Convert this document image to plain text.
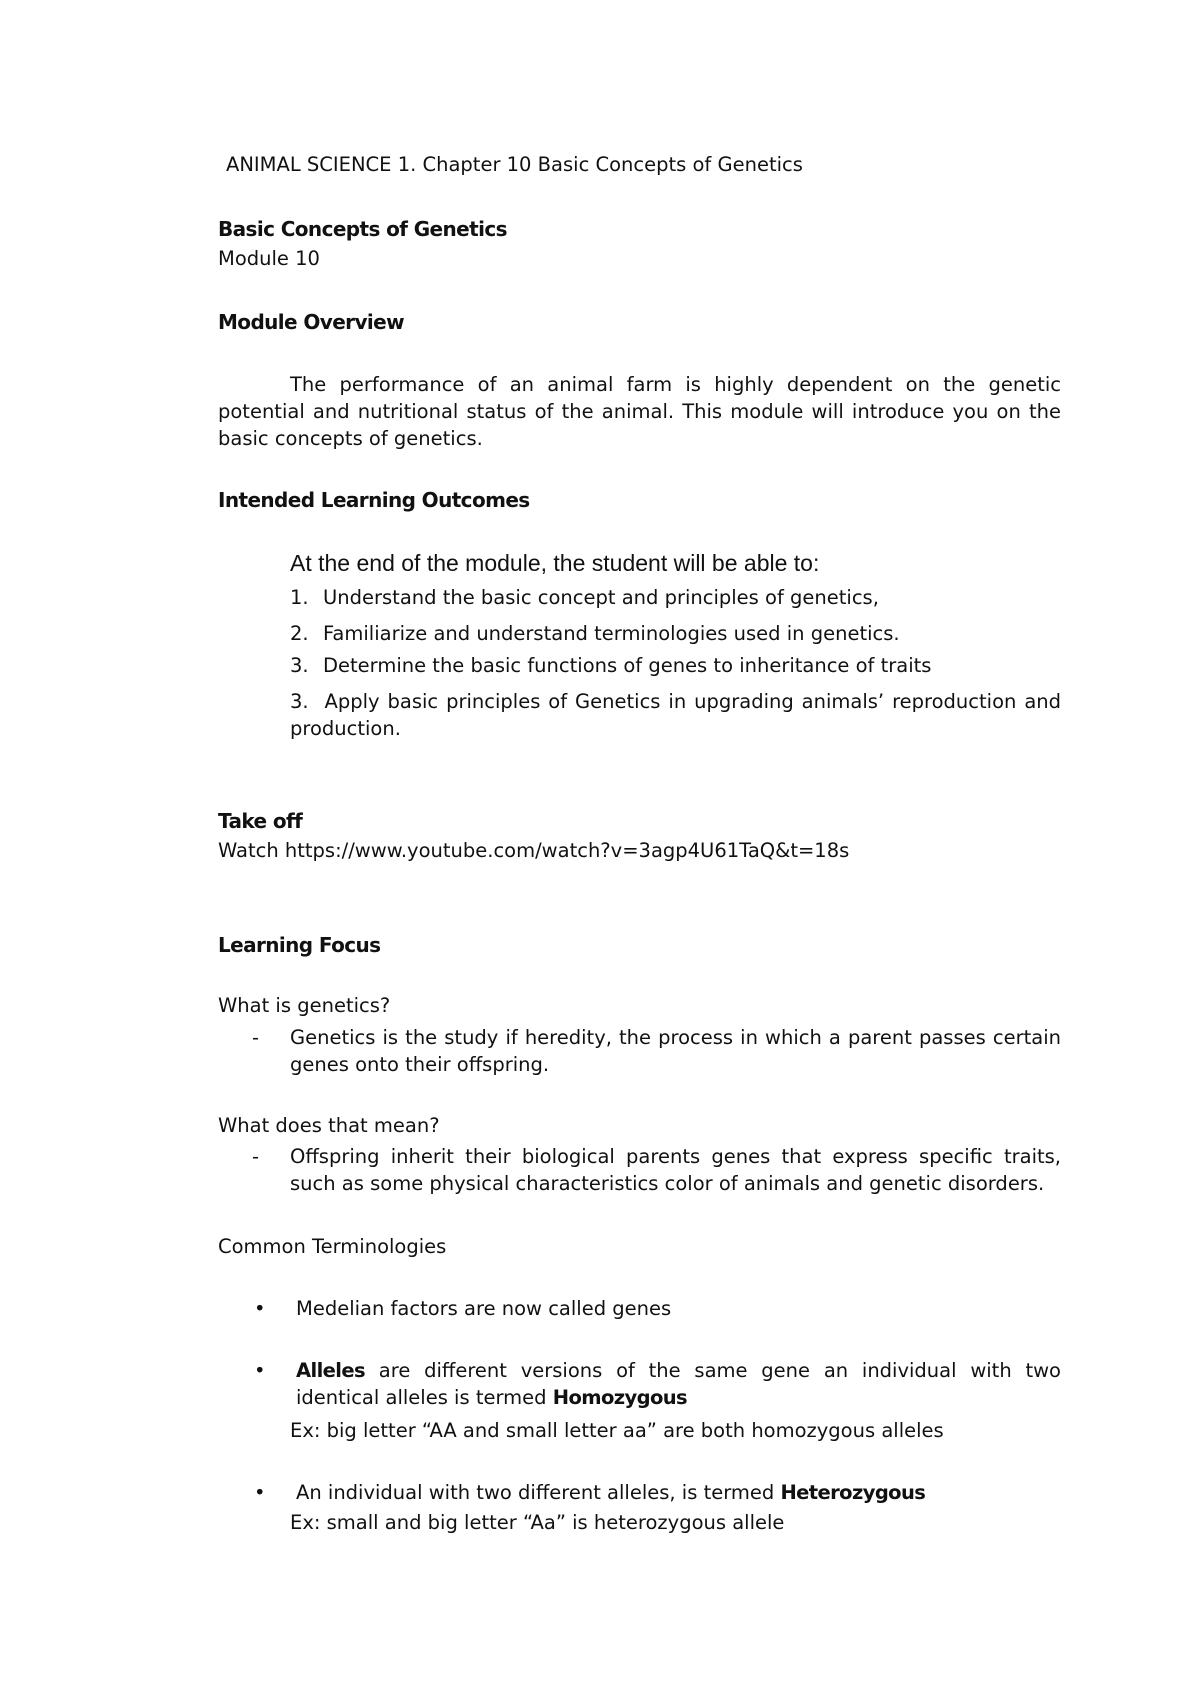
ANIMAL SCIENCE 1. Chapter 10 Basic Concepts of Genetics
Basic Concepts of Genetics
Module 10
Module Overview
The performance of an animal farm is highly dependent on the genetic potential and nutritional status of the animal. This module will introduce you on the basic concepts of genetics.
Intended Learning Outcomes
At the end of the module, the student will be able to:
1. Understand the basic concept and principles of genetics,
2. Familiarize and understand terminologies used in genetics.
3. Determine the basic functions of genes to inheritance of traits
3. Apply basic principles of Genetics in upgrading animals’ reproduction and production.
Take off
Watch https://www.youtube.com/watch?v=3agp4U61TaQ&t=18s
Learning Focus
What is genetics?
- Genetics is the study if heredity, the process in which a parent passes certain genes onto their offspring.
What does that mean?
- Offspring inherit their biological parents genes that express specific traits, such as some physical characteristics color of animals and genetic disorders.
Common Terminologies
• Medelian factors are now called genes
• Alleles are different versions of the same gene an individual with two identical alleles is termed Homozygous
Ex: big letter “AA and small letter aa” are both homozygous alleles
• An individual with two different alleles, is termed Heterozygous
Ex: small and big letter “Aa” is heterozygous allele
